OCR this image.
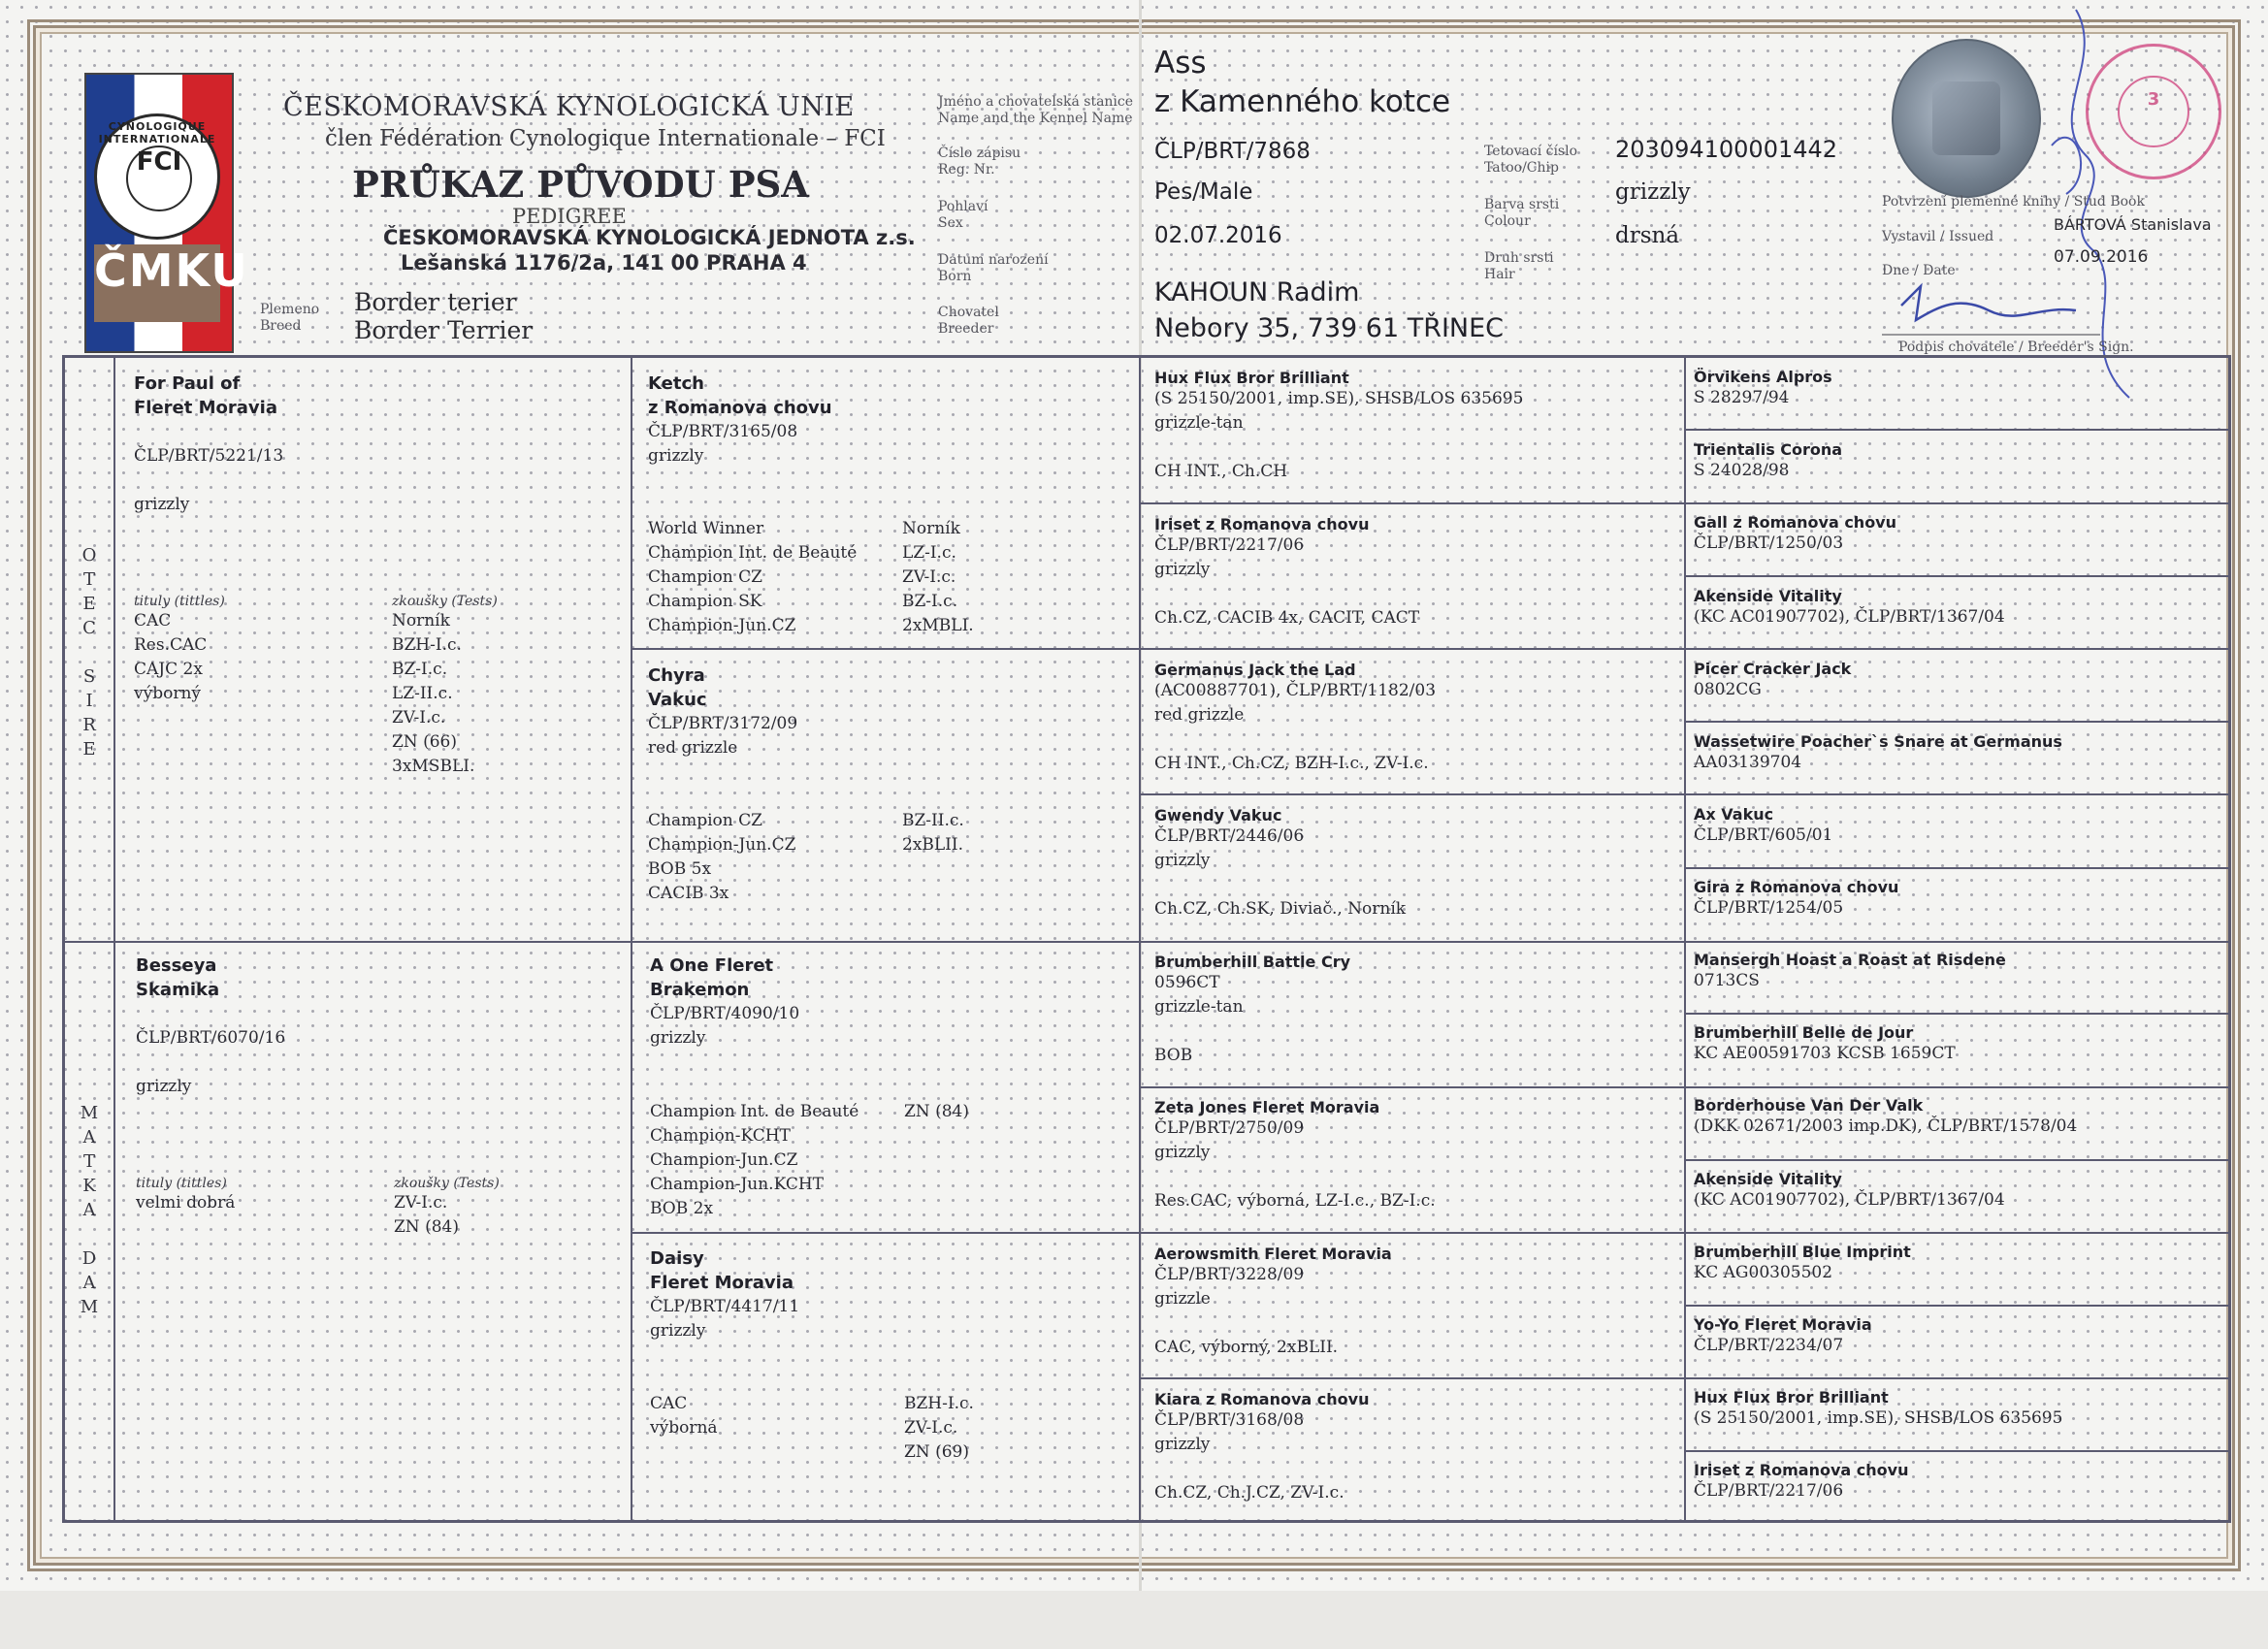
CYNOLOGIQUE INTERNATIONALE
FCI
ČMKU
ČESKOMORAVSKÁ KYNOLOGICKÁ UNIE
člen Fédération Cynologique Internationale – FCI
PRŮKAZ PŮVODU PSA
PEDIGREE
ČESKOMORAVSKÁ KYNOLOGICKÁ JEDNOTA z.s.
Lešanská 1176/2a, 141 00 PRAHA 4
Plemeno
Breed
Border terier
Border Terrier
Jméno a chovatelská stanice
Name and the Kennel Name
Číslo zápisu
Reg. Nr.
Pohlaví
Sex
Datum narození
Born
Chovatel
Breeder
Ass
z Kamenného kotce
ČLP/BRT/7868
Pes/Male
02.07.2016
KAHOUN Radim
Nebory 35, 739 61 TŘINEC
Tetovací číslo
Tatoo/Chip
Barva srsti
Colour
Druh srsti
Hair
203094100001442
grizzly
drsná
3
Potvrzení plemenné knihy / Stud Book
Vystavil / Issued
BÁRTOVÁ Stanislava
Dne / Date
07.09.2016
Podpis chovatele / Breeder's Sign.
O
T
E
C

S
I
R
E
M
A
T
K
A

D
A
M
For Paul of
Fleret Moravia
ČLP/BRT/5221/13
grizzly
tituly (tittles)
CAC
Res.CAC
CAJC 2x
výborný
zkoušky (Tests)
Norník
BZH-I.c.
BZ-I.c.
LZ-II.c.
ZV-I.c.
ZN (66)
3xMSBLI.
Besseya
Skamika
ČLP/BRT/6070/16
grizzly
tituly (tittles)
velmi dobrá
zkoušky (Tests)
ZV-I.c.
ZN (84)
Ketch
z Romanova chovu
ČLP/BRT/3165/08
grizzly
World Winner
Champion Int. de Beauté
Champion CZ
Champion SK
Champion-Jun.CZ
Norník
LZ-I.c.
ZV-I.c.
BZ-I.c.
2xMBLI.
Chyra
Vakuc
ČLP/BRT/3172/09
red grizzle
Champion CZ
Champion-Jun.CZ
BOB 5x
CACIB 3x
BZ-II.c.
2xBLII.
A One Fleret
Brakemon
ČLP/BRT/4090/10
grizzly
Champion Int. de Beauté
Champion-KCHT
Champion-Jun.CZ
Champion-Jun.KCHT
BOB 2x
ZN (84)
Daisy
Fleret Moravia
ČLP/BRT/4417/11
grizzly
CAC
výborná
BZH-I.c.
ZV-I.c.
ZN (69)
Hux Flux Bror Brilliant
(S 25150/2001, imp.SE), SHSB/LOS 635695
grizzle-tan
CH INT., Ch.CH
Iriset z Romanova chovu
ČLP/BRT/2217/06
grizzly
Ch.CZ, CACIB 4x, CACIT, CACT
Germanus Jack the Lad
(AC00887701), ČLP/BRT/1182/03
red grizzle
CH INT., Ch.CZ, BZH-I.c., ZV-I.c.
Gwendy Vakuc
ČLP/BRT/2446/06
grizzly
Ch.CZ, Ch.SK, Diviač., Norník
Brumberhill Battle Cry
0596CT
grizzle-tan
BOB
Zeta Jones Fleret Moravia
ČLP/BRT/2750/09
grizzly
Res.CAC, výborná, LZ-I.c., BZ-I.c.
Aerowsmith Fleret Moravia
ČLP/BRT/3228/09
grizzle
CAC, výborný, 2xBLII.
Kiara z Romanova chovu
ČLP/BRT/3168/08
grizzly
Ch.CZ, Ch.J.CZ, ZV-I.c.
Örvikens Alpros
S 28297/94
Trientalis Corona
S 24028/98
Gall z Romanova chovu
ČLP/BRT/1250/03
Akenside Vitality
(KC AC01907702), ČLP/BRT/1367/04
Picer Cracker Jack
0802CG
Wassetwire Poacher`s Snare at Germanus
AA03139704
Ax Vakuc
ČLP/BRT/605/01
Gira z Romanova chovu
ČLP/BRT/1254/05
Mansergh Hoast a Roast at Risdene
0713CS
Brumberhill Belle de Jour
KC AE00591703 KCSB 1659CT
Borderhouse Van Der Valk
(DKK 02671/2003 imp.DK), ČLP/BRT/1578/04
Akenside Vitality
(KC AC01907702), ČLP/BRT/1367/04
Brumberhill Blue Imprint
KC AG00305502
Yo-Yo Fleret Moravia
ČLP/BRT/2234/07
Hux Flux Bror Brilliant
(S 25150/2001, imp.SE), SHSB/LOS 635695
Iriset z Romanova chovu
ČLP/BRT/2217/06
